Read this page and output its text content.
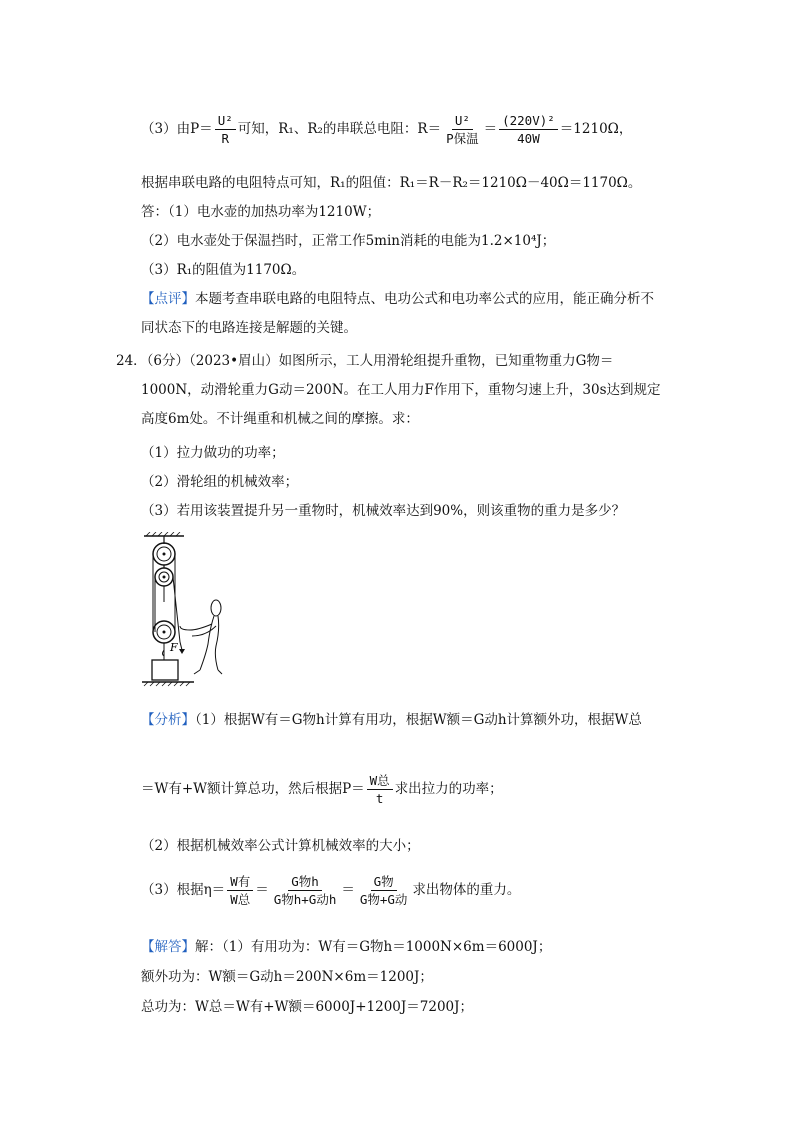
（3）由$P= \frac{\text{U²}}{R}$ 可知，R₁、R₂的串联总电阻：$R= \frac{\text{U²}}{\text{P保温}} = \frac{\text{(220V)²}}{40W} =1210\Omega$，
根据串联电路的电阻特点可知，R₁的阻值：R₁＝R－R₂＝1210Ω－40Ω＝1170Ω。
答：（1）电水壶的加热功率为1210W；
（2）电水壶处于保温挡时，正常工作5min消耗的电能为1.2×10⁴J；
（3）R₁的阻值为1170Ω。
【点评】本题考查串联电路的电阻特点、电功公式和电功率公式的应用，能正确分析不
同状态下的电路连接是解题的关键。
24．（6分）（2023•眉山）如图所示，工人用滑轮组提升重物，已知重物重力G物＝
1000N，动滑轮重力G动＝200N。在工人用力F作用下，重物匀速上升，30s达到规定
高度6m处。不计绳重和机械之间的摩擦。求：
（1）拉力做功的功率；
（2）滑轮组的机械效率；
（3）若用该装置提升另一重物时，机械效率达到90%，则该重物的重力是多少？
F
【分析】（1）根据W有＝G物h计算有用功，根据W额＝G动h计算额外功，根据W总
＝W有+W额计算总功，然后根据$P= \frac{\text{W总}}{t}$ 求出拉力的功率；
（2）根据机械效率公式计算机械效率的大小；
（3）根据$\eta= \frac{\text{W有}}{\text{W总}} = \frac{\text{G物h}}{\text{G物h+G动h}} = \frac{\text{G物}}{\text{G物+G动}}$ 求出物体的重力。
【解答】解：（1）有用功为：W有＝G物h＝1000N×6m＝6000J；
额外功为：W额＝G动h＝200N×6m＝1200J；
总功为：W总＝W有+W额＝6000J+1200J＝7200J；
